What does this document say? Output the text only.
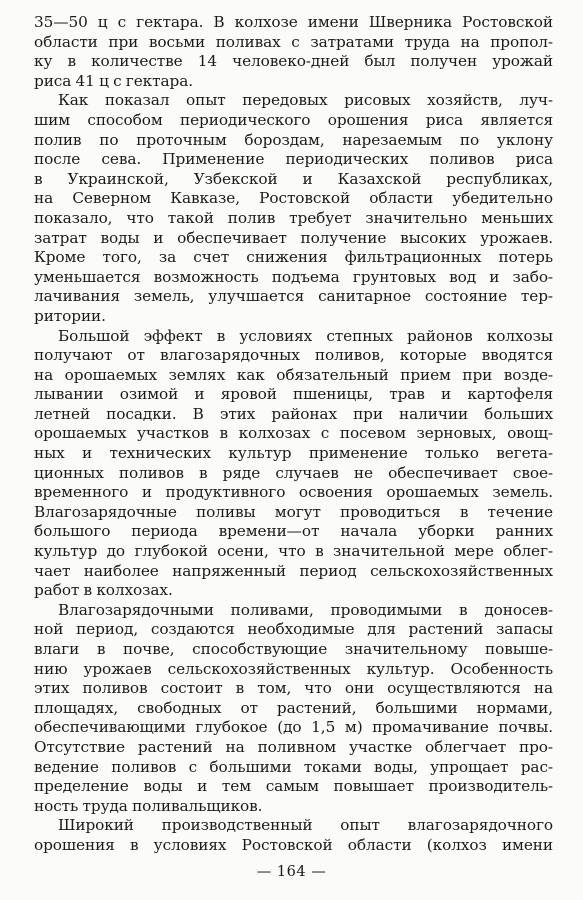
35—50 ц с гектара. В колхозе имени Шверника Ростовской
области при восьми поливах с затратами труда на пропол-
ку в количестве 14 человеко-дней был получен урожай
риса 41 ц с гектара.
Как показал опыт передовых рисовых хозяйств, луч-
шим способом периодического орошения риса является
полив по проточным бороздам, нарезаемым по уклону
после сева. Применение периодических поливов риса
в Украинской, Узбекской и Казахской республиках,
на Северном Кавказе, Ростовской области убедительно
показало, что такой полив требует значительно меньших
затрат воды и обеспечивает получение высоких урожаев.
Кроме того, за счет снижения фильтрационных потерь
уменьшается возможность подъема грунтовых вод и забо-
лачивания земель, улучшается санитарное состояние тер-
ритории.
Большой эффект в условиях степных районов колхозы
получают от влагозарядочных поливов, которые вводятся
на орошаемых землях как обязательный прием при возде-
лывании озимой и яровой пшеницы, трав и картофеля
летней посадки. В этих районах при наличии больших
орошаемых участков в колхозах с посевом зерновых, овощ-
ных и технических культур применение только вегета-
ционных поливов в ряде случаев не обеспечивает свое-
временного и продуктивного освоения орошаемых земель.
Влагозарядочные поливы могут проводиться в течение
большого периода времени—от начала уборки ранних
культур до глубокой осени, что в значительной мере облег-
чает наиболее напряженный период сельскохозяйственных
работ в колхозах.
Влагозарядочными поливами, проводимыми в доносев-
ной период, создаются необходимые для растений запасы
влаги в почве, способствующие значительному повыше-
нию урожаев сельскохозяйственных культур. Особенность
этих поливов состоит в том, что они осуществляются на
площадях, свободных от растений, большими нормами,
обеспечивающими глубокое (до 1,5 м) промачивание почвы.
Отсутствие растений на поливном участке облегчает про-
ведение поливов с большими токами воды, упрощает рас-
пределение воды и тем самым повышает производитель-
ность труда поливальщиков.
Широкий производственный опыт влагозарядочного
орошения в условиях Ростовской области (колхоз имени
— 164 —
